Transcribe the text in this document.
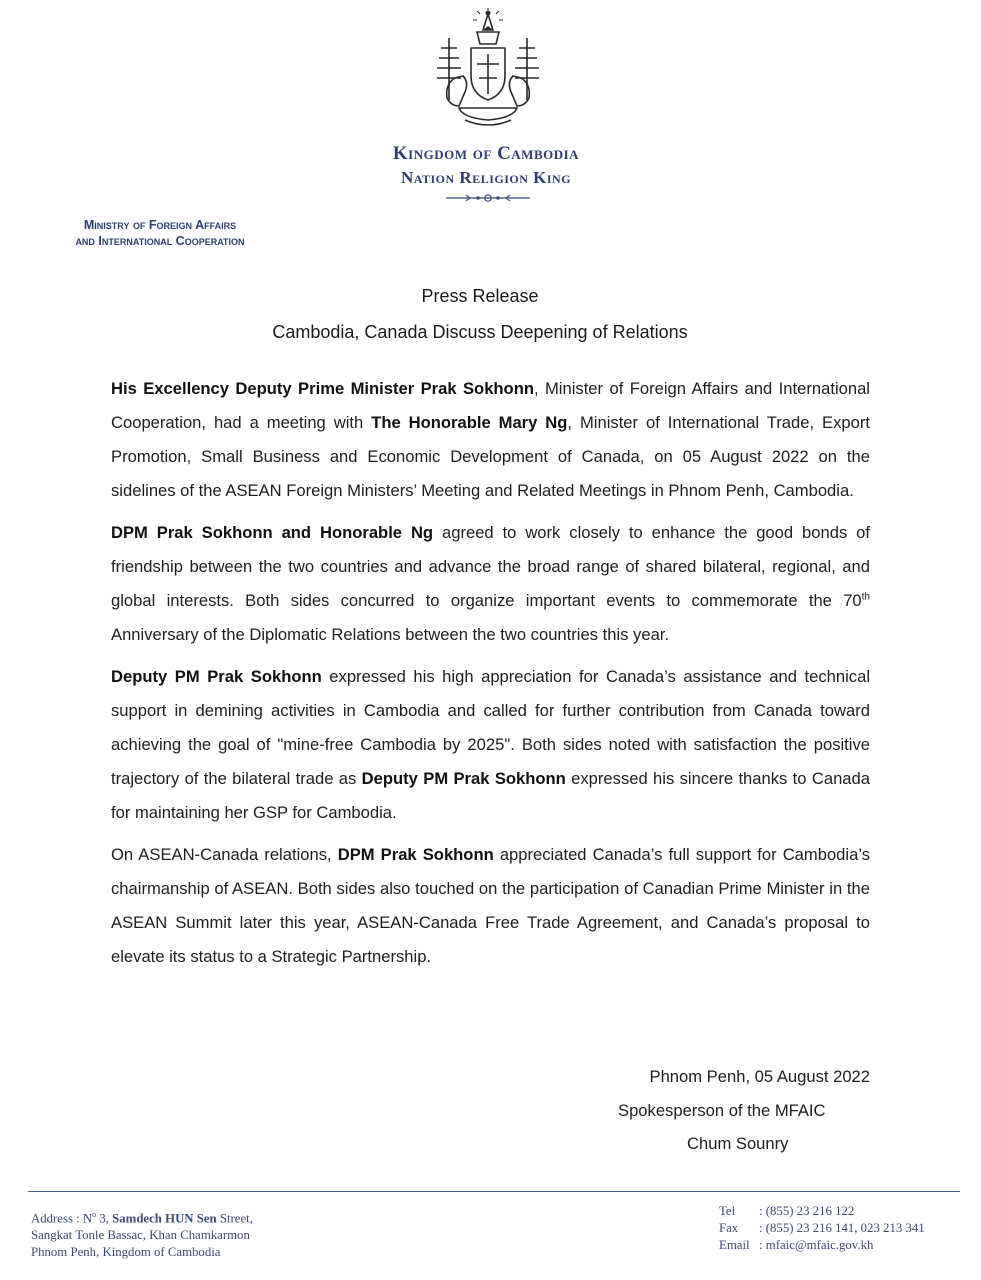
Kingdom of Cambodia
Nation Religion King
Ministry of Foreign Affairs
and International Cooperation
Press Release
Cambodia, Canada Discuss Deepening of Relations

His Excellency Deputy Prime Minister Prak Sokhonn, Minister of Foreign Affairs and International Cooperation, had a meeting with The Honorable Mary Ng, Minister of International Trade, Export Promotion, Small Business and Economic Development of Canada, on 05 August 2022 on the sidelines of the ASEAN Foreign Ministers’ Meeting and Related Meetings in Phnom Penh, Cambodia.

DPM Prak Sokhonn and Honorable Ng agreed to work closely to enhance the good bonds of friendship between the two countries and advance the broad range of shared bilateral, regional, and global interests. Both sides concurred to organize important events to commemorate the 70th Anniversary of the Diplomatic Relations between the two countries this year.

Deputy PM Prak Sokhonn expressed his high appreciation for Canada’s assistance and technical support in demining activities in Cambodia and called for further contribution from Canada toward achieving the goal of "mine-free Cambodia by 2025". Both sides noted with satisfaction the positive trajectory of the bilateral trade as Deputy PM Prak Sokhonn expressed his sincere thanks to Canada for maintaining her GSP for Cambodia.

On ASEAN-Canada relations, DPM Prak Sokhonn appreciated Canada’s full support for Cambodia’s chairmanship of ASEAN. Both sides also touched on the participation of Canadian Prime Minister in the ASEAN Summit later this year, ASEAN-Canada Free Trade Agreement, and Canada’s proposal to elevate its status to a Strategic Partnership.

Phnom Penh, 05 August 2022
Spokesperson of the MFAIC
Chum Sounry
Address : $N^o$ 3, Samdech HUN Sen Street,
Sangkat Tonle Bassac, Khan Chamkarmon
Phnom Penh, Kingdom of Cambodia
Tel	: (855) 23 216 122
Fax	: (855) 23 216 141, 023 213 341
Email : mfaic@mfaic.gov.kh
